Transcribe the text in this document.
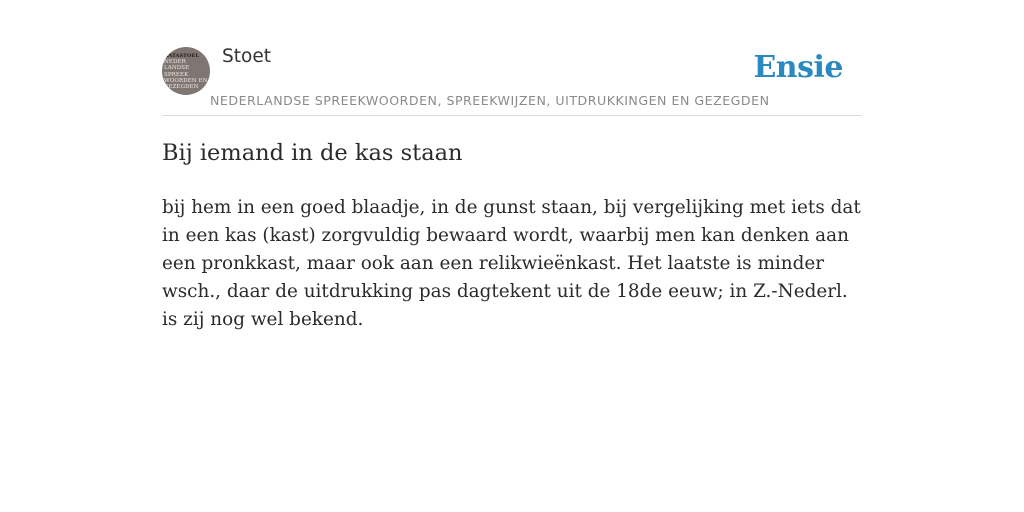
KATASTOEL
NEDER
LANDSE
SPREEK
WOORDEN EN
GEZEGDEN
Stoet	Ensie
NEDERLANDSE SPREEKWOORDEN, SPREEKWIJZEN, UITDRUKKINGEN EN GEZEGDEN
Bij iemand in de kas staan

bij hem in een goed blaadje, in de gunst staan, bij vergelijking met iets dat in een kas (kast) zorgvuldig bewaard wordt, waarbij men kan denken aan een pronkkast, maar ook aan een relikwieënkast. Het laatste is minder wsch., daar de uitdrukking pas dagtekent uit de 18de eeuw; in Z.-Nederl. is zij nog wel bekend.
